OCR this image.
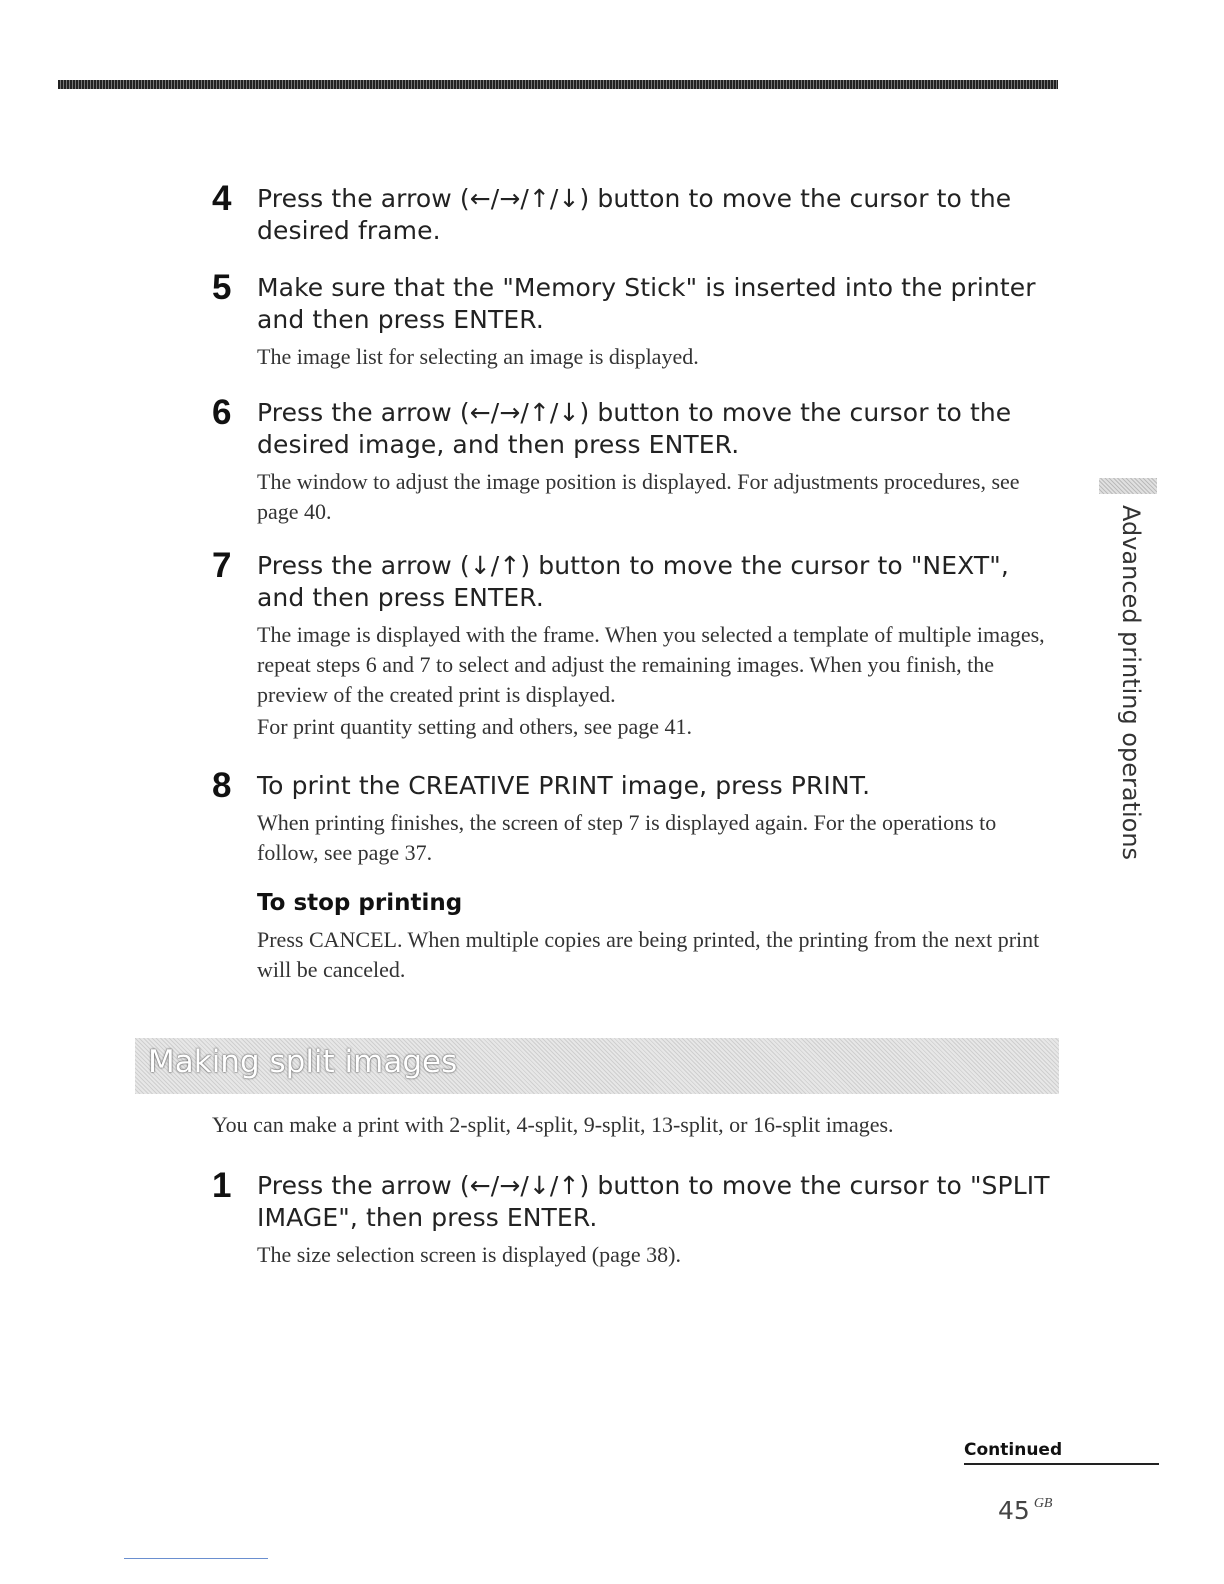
4	Press the arrow (←/→/↑/↓) button to move the cursor to the desired frame.
5	Make sure that the "Memory Stick" is inserted into the printer and then press ENTER.

The image list for selecting an image is displayed.

6	Press the arrow (←/→/↑/↓) button to move the cursor to the desired image, and then press ENTER.

The window to adjust the image position is displayed. For adjustments procedures, see page 40.

7	Press the arrow (↓/↑) button to move the cursor to "NEXT", and then press ENTER.

The image is displayed with the frame. When you selected a template of multiple images, repeat steps 6 and 7 to select and adjust the remaining images. When you finish, the preview of the created print is displayed.

For print quantity setting and others, see page 41.

8	To print the CREATIVE PRINT image, press PRINT.

When printing finishes, the screen of step 7 is displayed again. For the operations to follow, see page 37.

To stop printing
Press CANCEL. When multiple copies are being printed, the printing from the next print will be canceled.
Making split images
You can make a print with 2-split, 4-split, 9-split, 13-split, or 16-split images.
1	Press the arrow (←/→/↓/↑) button to move the cursor to "SPLIT IMAGE", then press ENTER.

The size selection screen is displayed (page 38).

Advanced printing operations
Continued
45 $^{GB}$
